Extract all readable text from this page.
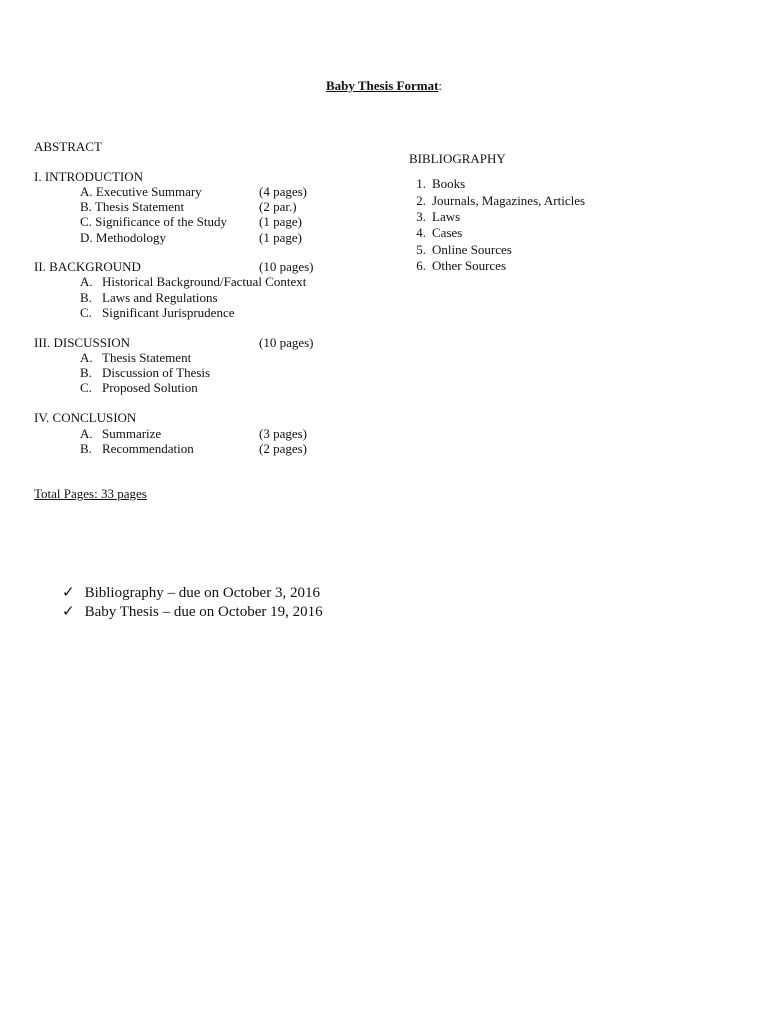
Baby Thesis Format:
ABSTRACT
I. INTRODUCTION
A. Executive Summary	(4 pages)
B. Thesis Statement	(2 par.)
C. Significance of the Study (1 page)
D. Methodology	(1 page)
II. BACKGROUND	(10 pages)
A. Historical Background/Factual Context
B. Laws and Regulations
C. Significant Jurisprudence
III. DISCUSSION	(10 pages)
A. Thesis Statement
B. Discussion of Thesis
C. Proposed Solution
IV. CONCLUSION
A. Summarize	(3 pages)
B. Recommendation	(2 pages)
Total Pages: 33 pages
BIBLIOGRAPHY
1. Books
2. Journals, Magazines, Articles
3. Laws
4. Cases
5. Online Sources
6. Other Sources
✓ Bibliography – due on October 3, 2016
✓ Baby Thesis – due on October 19, 2016
